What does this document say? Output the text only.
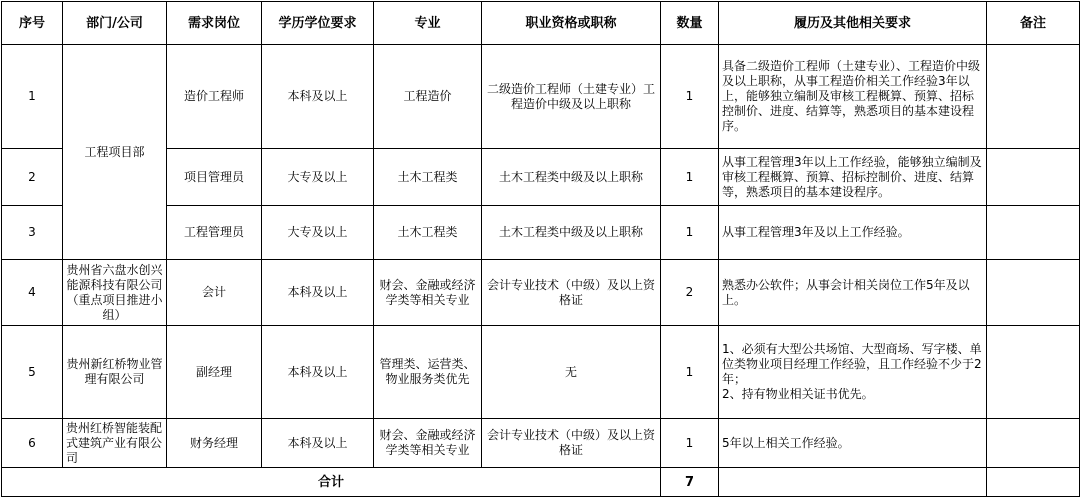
序号	部门/公司	需求岗位	学历学位要求	专业	职业资格或职称	数量	履历及其他相关要求	备注
1	工程项目部	造价工程师	本科及以上	工程造价	二级造价工程师（土建专业）工程造价中级及以上职称	1	具备二级造价工程师（土建专业）、工程造价中级及以上职称，从事工程造价相关工作经验3年以上，能够独立编制及审核工程概算、预算、招标控制价、进度、结算等，熟悉项目的基本建设程序。	
2		项目管理员	大专及以上	土木工程类	土木工程类中级及以上职称	1	从事工程管理3年以上工作经验，能够独立编制及审核工程概算、预算、招标控制价、进度、结算等，熟悉项目的基本建设程序。	
3		工程管理员	大专及以上	土木工程类	土木工程类中级及以上职称	1	从事工程管理3年及以上工作经验。	
4	贵州省六盘水创兴能源科技有限公司（重点项目推进小组）	会计	本科及以上	财会、金融或经济学类等相关专业	会计专业技术（中级）及以上资格证	2	熟悉办公软件；从事会计相关岗位工作5年及以上。	
5	贵州新红桥物业管理有限公司	副经理	本科及以上	管理类、运营类、物业服务类优先	无	1	1、必须有大型公共场馆、大型商场、写字楼、单位类物业项目经理工作经验，且工作经验不少于2年；
2、持有物业相关证书优先。	

6	贵州红桥智能装配式建筑产业有限公司	财务经理	本科及以上	财会、金融或经济学类等相关专业	会计专业技术（中级）及以上资格证	1	5年以上相关工作经验。	
合计						7		
